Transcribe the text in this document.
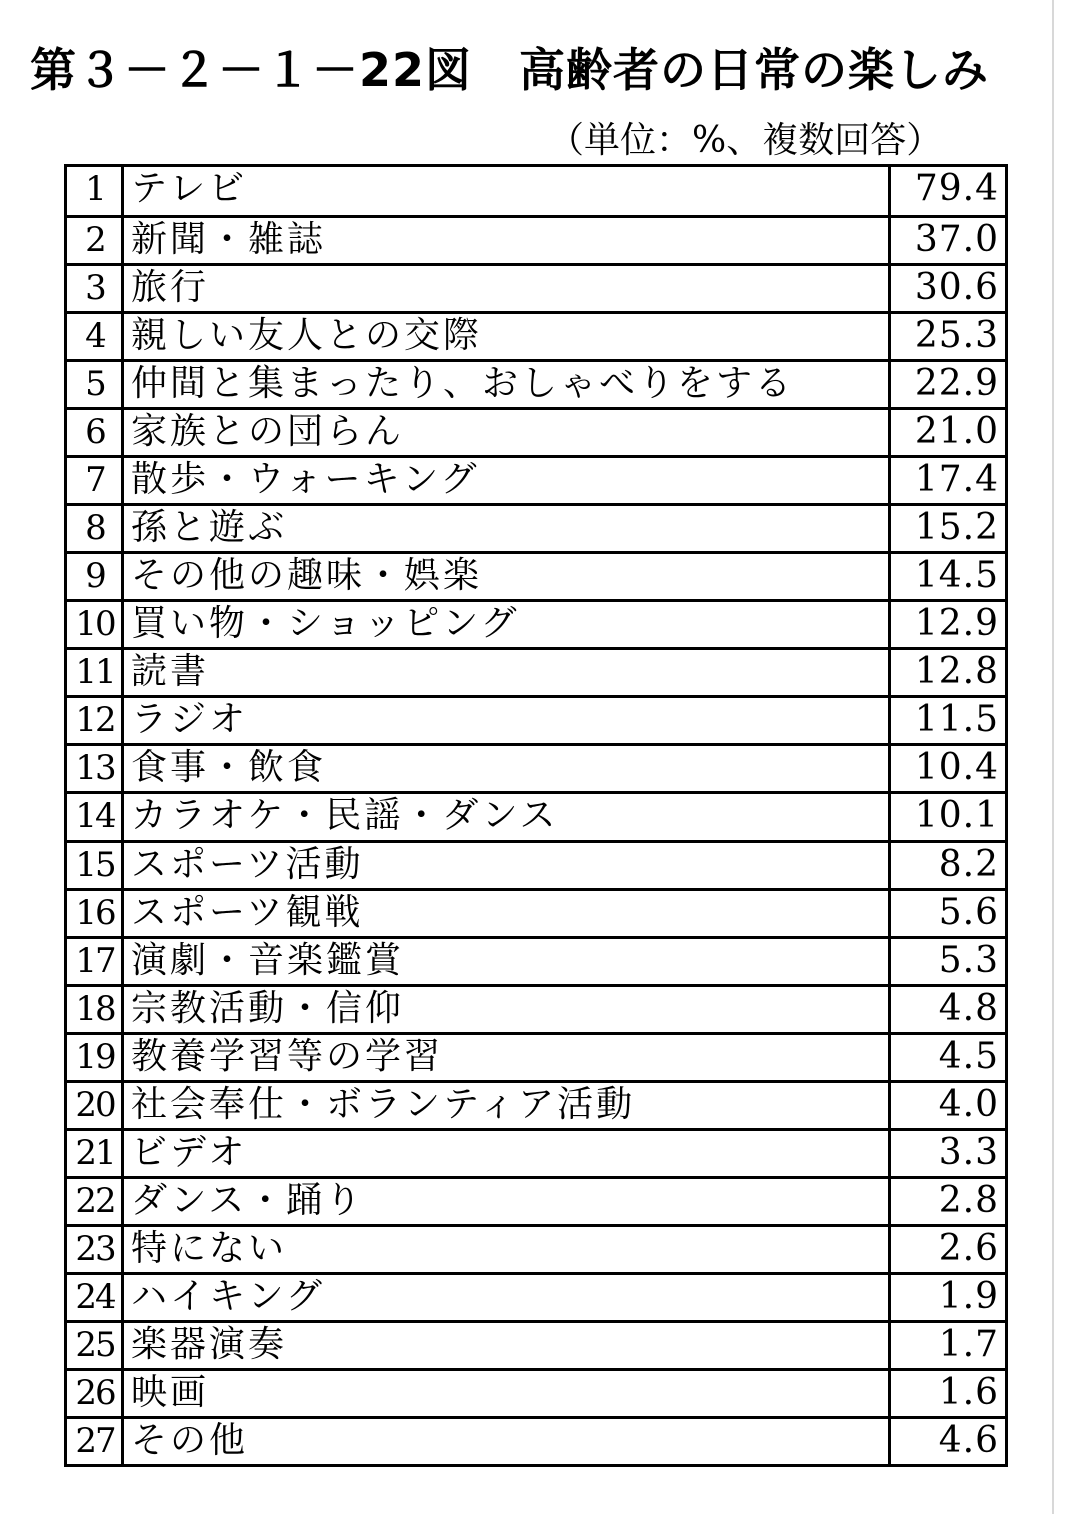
第３－２－１－22図　高齢者の日常の楽しみ
（単位：%、複数回答）
1 テレビ	79.4
2 新聞・雑誌	37.0
3 旅行	30.6
4 親しい友人との交際	25.3
5 仲間と集まったり、おしゃべりをする	22.9
6 家族との団らん	21.0
7 散歩・ウォーキング	17.4
8 孫と遊ぶ	15.2
9 その他の趣味・娯楽	14.5
10 買い物・ショッピング	12.9
11 読書	12.8
12 ラジオ	11.5
13 食事・飲食	10.4
14 カラオケ・民謡・ダンス	10.1
15 スポーツ活動	8.2
16 スポーツ観戦	5.6
17 演劇・音楽鑑賞	5.3
18 宗教活動・信仰	4.8
19 教養学習等の学習	4.5
20 社会奉仕・ボランティア活動	4.0
21 ビデオ	3.3
22 ダンス・踊り	2.8
23 特にない	2.6
24 ハイキング	1.9
25 楽器演奏	1.7
26 映画	1.6
27 その他	4.6
